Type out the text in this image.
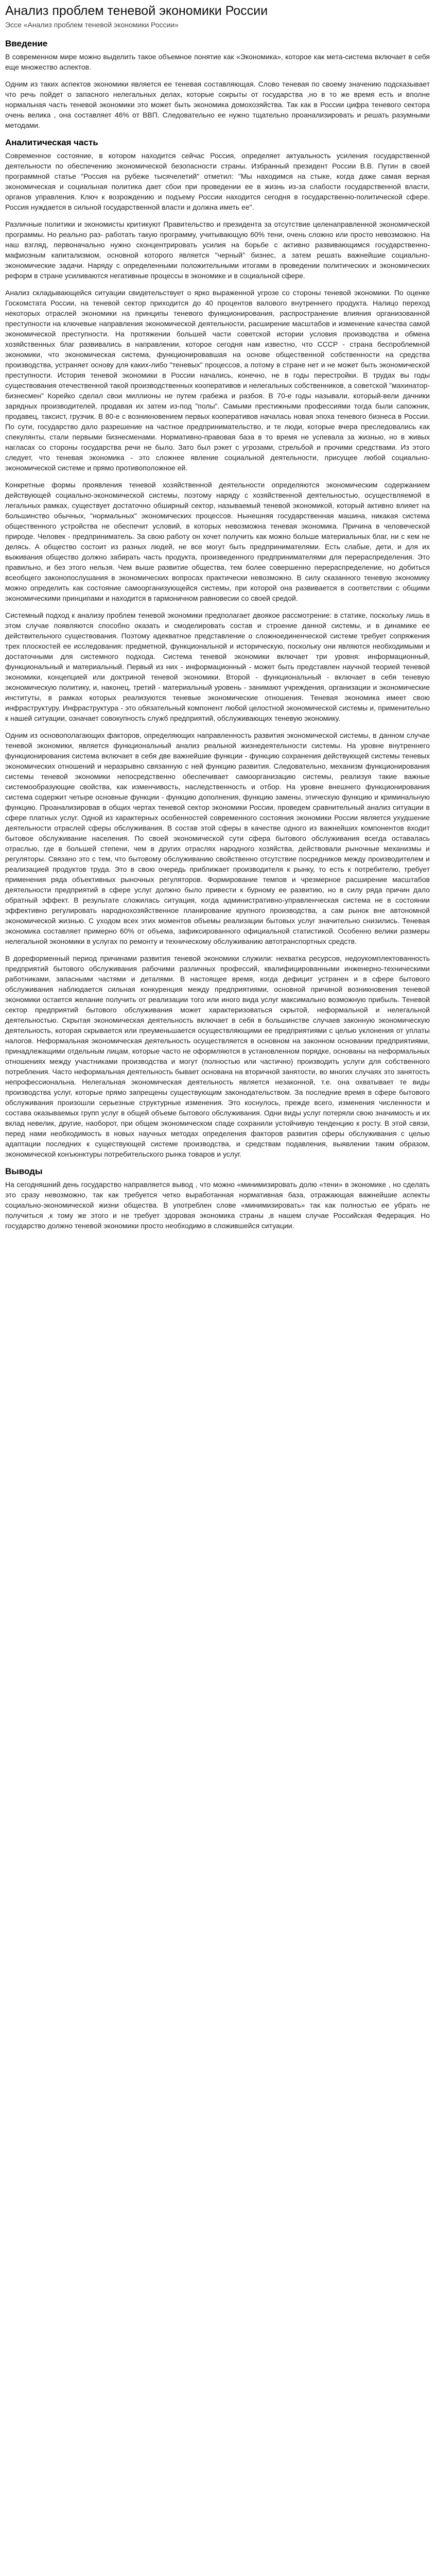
Анализ проблем теневой экономики России
Эссе «Анализ проблем теневой экономики России»
Введение

В современном мире можно выделить такое объемное понятие как «Экономика», которое как мета-система включает в себя еще множество аспектов.

Одним из таких аспектов экономики является ее теневая составляющая. Слово теневая по своему значению подсказывает что речь пойдет о запасного нелегальных делах, которые сокрыты от государства ,но в то же время есть и вполне нормальная часть теневой экономики это может быть экономика домохозяйства. Так как в России цифра теневого сектора очень велика , она составляет 46% от ВВП. Следовательно ее нужно тщательно проанализировать и решать разумными методами.

Аналитическая часть

Современное состояние, в котором находится сейчас Россия, определяет актуальность усиления государственной деятельности по обеспечению экономической безопасности страны. Избранный президент России В.В. Путин в своей программной статье "Россия на рубеже тысячелетий" отметил: "Мы находимся на стыке, когда даже самая верная экономическая и социальная политика дает сбои при проведении ее в жизнь из-за слабости государственной власти, органов управления. Ключ к возрождению и подъему России находится сегодня в государственно-политической сфере. Россия нуждается в сильной государственной власти и должна иметь ее".

Различные политики и экономисты критикуют Правительство и президента за отсутствие целенаправленной экономической программы. Но реально раз- работать такую программу, учитывающую 60% тени, очень сложно или просто невозможно. На наш взгляд, первоначально нужно сконцентрировать усилия на борьбе с активно развивающимся государственно-мафиозным капитализмом, основной которого является "черный" бизнес, а затем решать важнейшие социально-экономические задачи. Наряду с определенными положительными итогами в проведении политических и экономических реформ в стране усиливаются негативные процессы в экономике и в социальной сфере.

Анализ складывающейся ситуации свидетельствует о ярко выраженной угрозе со стороны теневой экономики. По оценке Госкомстата России, на теневой сектор приходится до 40 процентов валового внутреннего продукта. Налицо переход некоторых отраслей экономики на принципы теневого функционирования, распространение влияния организованной преступности на ключевые направления экономической деятельности, расширение масштабов и изменение качества самой экономической преступности. На протяжении большей части советской истории условия производства и обмена хозяйственных благ развивались в направлении, которое сегодня нам известно, что СССР - страна беспроблемной экономики, что экономическая система, функционировавшая на основе общественной собственности на средства производства, устраняет основу для каких-либо "теневых" процессов, а потому в стране нет и не может быть экономической преступности. История теневой экономики в России начались, конечно, не в годы перестройки. В трудах вы годы существования отечественной такой производственных кооперативов и нелегальных собственников, а советской "махинатор-бизнесмен" Корейко сделал свои миллионы не путем грабежа и разбоя. В 70-е годы называли, который-вели дачники зарядных производителей, продавая их затем из-под "полы". Самыми престижными профессиями тогда были сапожник, продавец, таксист, грузчик. В 80-е с возникновением первых кооперативов началась новая эпоха теневого бизнеса в России. По сути, государство дало разрешение на частное предпринимательство, и те люди, которые вчера преследовались как спекулянты, стали первыми бизнесменами. Нормативно-правовая база в то время не успевала за жизнью, но в живых нагласах со стороны государства речи не было. Зато был рэкет с угрозами, стрельбой и прочими средствами. Из этого следует, что теневая экономика - это сложнее явление социальной деятельности, присущее любой социально-экономической системе и прямо противоположное ей.

Конкретные формы проявления теневой хозяйственной деятельности определяются экономическим содержанием действующей социально-экономической системы, поэтому наряду с хозяйственной деятельностью, осуществляемой в легальных рамках, существует достаточно обширный сектор, называемый теневой экономикой, который активно влияет на большинство обычных, "нормальных" экономических процессов. Нынешняя государственная машина, никакая система общественного устройства не обеспечит условий, в которых невозможна теневая экономика. Причина в человеческой природе. Человек - предприниматель. За свою работу он хочет получить как можно больше материальных благ, ни с кем не делясь. А общество состоит из разных людей, не все могут быть предпринимателями. Есть слабые, дети, и для их выживания общество должно забирать часть продукта, произведенного предпринимателями для перераспределения. Это правильно, и без этого нельзя. Чем выше развитие общества, тем более совершенно перераспределение, но добиться всеобщего законопослушания в экономических вопросах практически невозможно. В силу сказанного теневую экономику можно определить как состояние самоорганизующейся системы, при которой она развивается в соответствии с общими экономическими принципами и находится в гармоничном равновесии со своей средой.

Системный подход к анализу проблем теневой экономики предполагает двоякое рассмотрение: в статике, поскольку лишь в этом случае появляются способно оказать и смоделировать состав и строение данной системы, и в динамике ее действительного существования. Поэтому адекватное представление о сложноединенческой системе требует сопряжения трех плоскостей ее исследования: предметной, функциональной и историческую, поскольку они являются необходимыми и достаточными для системного подхода. Система теневой экономики включает три уровня: информационный, функциональный и материальный. Первый из них - информационный - может быть представлен научной теорией теневой экономики, концепцией или доктриной теневой экономики. Второй - функциональный - включает в себя теневую экономическую политику, и, наконец, третий - материальный уровень - занимают учреждения, организации и экономические институты, в рамках которых реализуются теневые экономические отношения. Теневая экономика имеет свою инфраструктуру. Инфраструктура - это обязательный компонент любой целостной экономической системы и, применительно к нашей ситуации, означает совокупность служб предприятий, обслуживающих теневую экономику.

Одним из основополагающих факторов, определяющих направленность развития экономической системы, в данном случае теневой экономики, является функциональный анализ реальной жизнедеятельности системы. На уровне внутреннего функционирования система включает в себя две важнейшие функции - функцию сохранения действующей системы теневых экономических отношений и неразрывно связанную с ней функцию развития. Следовательно, механизм функционирования системы теневой экономики непосредственно обеспечивает самоорганизацию системы, реализуя такие важные системообразующие свойства, как изменчивость, наследственность и отбор. На уровне внешнего функционирования система содержит четыре основные функции - функцию дополнения, функцию замены, этическую функцию и криминальную функцию. Проанализировав в общих чертах теневой сектор экономики России, проведем сравнительный анализ ситуации в сфере платных услуг. Одной из характерных особенностей современного состояния экономики России является ухудшение деятельности отраслей сферы обслуживания. В состав этой сферы в качестве одного из важнейших компонентов входит бытовое обслуживание населения. По своей экономической сути сфера бытового обслуживания всегда оставалась отраслью, где в большей степени, чем в других отраслях народного хозяйства, действовали рыночные механизмы и регуляторы. Связано это с тем, что бытовому обслуживанию свойственно отсутствие посредников между производителем и реализацией продуктов труда. Это в свою очередь приближает производителя к рынку, то есть к потребителю, требует применения ряда объективных рыночных регуляторов. Формирование темпов и чрезмерное расширение масштабов деятельности предприятий в сфере услуг должно было привести к бурному ее развитию, но в силу ряда причин дало обратный эффект. В результате сложилась ситуация, когда административно-управленческая система не в состоянии эффективно регулировать народнохозяйственное планирование крупного производства, а сам рынок вне автономной экономической жизнью. С уходом всех этих моментов объемы реализации бытовых услуг значительно снизились. Теневая экономика составляет примерно 60% от объема, зафиксированного официальной статистикой. Особенно велики размеры нелегальной экономики в услугах по ремонту и техническому обслуживанию автотранспортных средств.

В дореформенный период причинами развития теневой экономики служили: нехватка ресурсов, недоукомплектованность предприятий бытового обслуживания рабочими различных профессий, квалифицированными инженерно-техническими работниками, запасными частями и деталями. В настоящее время, когда дефицит устранен и в сфере бытового обслуживания наблюдается сильная конкуренция между предприятиями, основной причиной возникновения теневой экономики остается желание получить от реализации того или иного вида услуг максимально возможную прибыль. Теневой сектор предприятий бытового обслуживания может характеризоваться скрытой, неформальной и нелегальной деятельностью. Скрытая экономическая деятельность включает в себя в большинстве случаев законную экономическую деятельность, которая скрывается или преуменьшается осуществляющими ее предприятиями с целью уклонения от уплаты налогов. Неформальная экономическая деятельность осуществляется в основном на законном основании предприятиями, принадлежащими отдельным лицам, которые часто не оформляются в установленном порядке, основаны на неформальных отношениях между участниками производства и могут (полностью или частично) производить услуги для собственного потребления. Часто неформальная деятельность бывает основана на вторичной занятости, во многих случаях это занятость непрофессиональна. Нелегальная экономическая деятельность является незаконной, т.е. она охватывает те виды производства услуг, которые прямо запрещены существующим законодательством. За последние время в сфере бытового обслуживания произошли серьезные структурные изменения. Это коснулось, прежде всего, изменения численности и состава оказываемых групп услуг в общей объеме бытового обслуживания. Одни виды услуг потеряли свою значимость и их вклад невелик, другие, наоборот, при общем экономическом спаде сохранили устойчивую тенденцию к росту. В этой связи, перед нами необходимость в новых научных методах определения факторов развития сферы обслуживания с целью адаптации последних к существующей системе производства, и средствам подавления, выявлении таким образом, экономической конъюнктуры потребительского рынка товаров и услуг.

Выводы

На сегодняшний день государство направляется вывод , что можно «минимизировать долю «тени» в экономике , но сделать это сразу невозможно, так как требуется четко выработанная нормативная база, отражающая важнейшие аспекты социально-экономической жизни общества. В употреблен слове «минимизировать» так как полностью ее убрать не получиться ,к тому же этого и не требует здоровая экономика страны ,в нашем случае Российская Федерация. Но государство должно теневой экономики просто необходимо в сложившейся ситуации.
